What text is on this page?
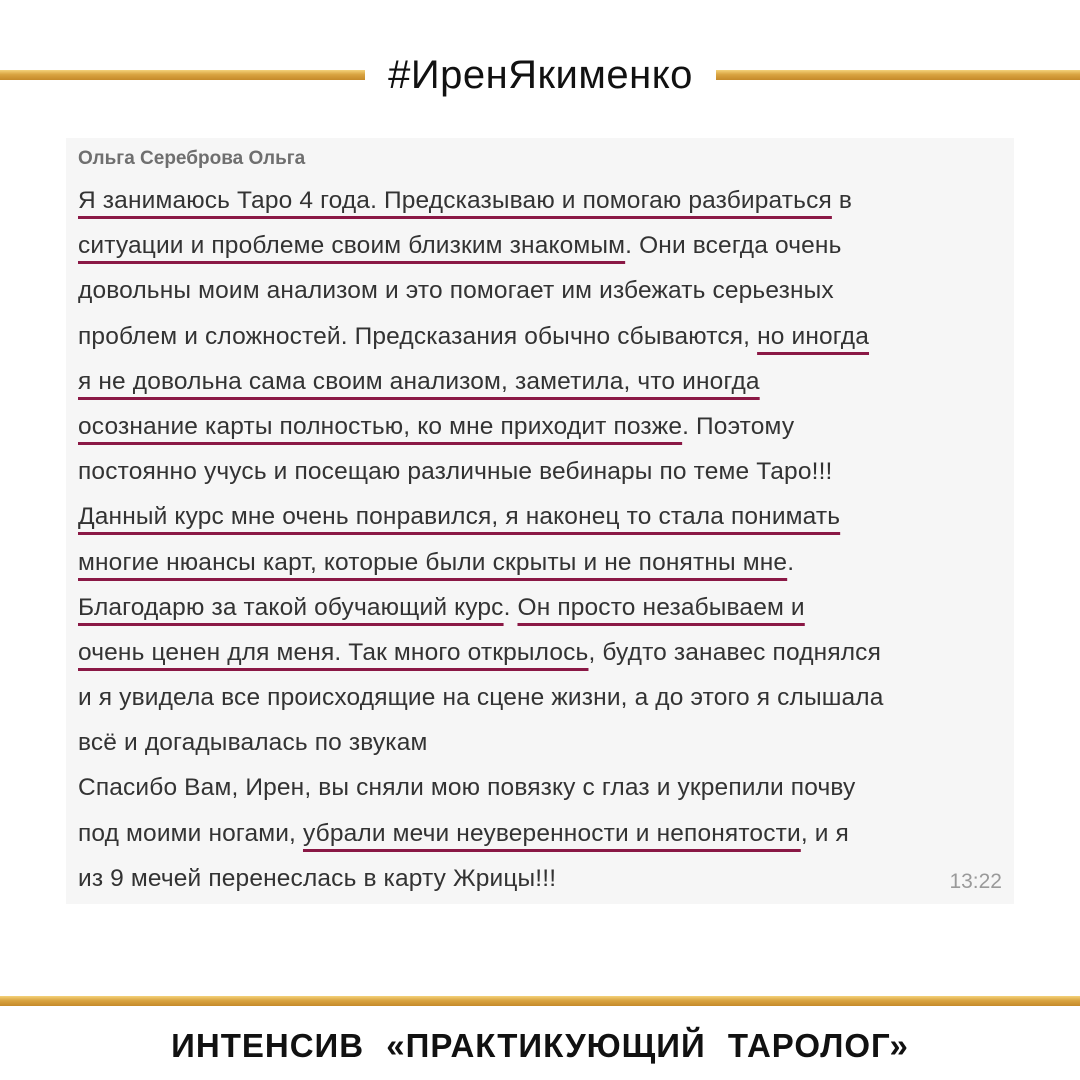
#ИренЯкименко
Ольга Сереброва Ольга
Я занимаюсь Таро 4 года. Предсказываю и помогаю разбираться в
ситуации и проблеме своим близким знакомым. Они всегда очень
довольны моим анализом и это помогает им избежать серьезных
проблем и сложностей. Предсказания обычно сбываются, но иногда
я не довольна сама своим анализом, заметила, что иногда
осознание карты полностью, ко мне приходит позже. Поэтому
постоянно учусь и посещаю различные вебинары по теме Таро!!!
Данный курс мне очень понравился, я наконец то стала понимать
многие нюансы карт, которые были скрыты и не понятны мне.
Благодарю за такой обучающий курс. Он просто незабываем и
очень ценен для меня. Так много открылось, будто занавес поднялся
и я увидела все происходящие на сцене жизни, а до этого я слышала
всё и догадывалась по звукам
Спасибо Вам, Ирен, вы сняли мою повязку с глаз и укрепили почву
под моими ногами, убрали мечи неуверенности и непонятости, и я
из 9 мечей перенеслась в карту Жрицы!!!	13:22
ИНТЕНСИВ «ПРАКТИКУЮЩИЙ ТАРОЛОГ»
